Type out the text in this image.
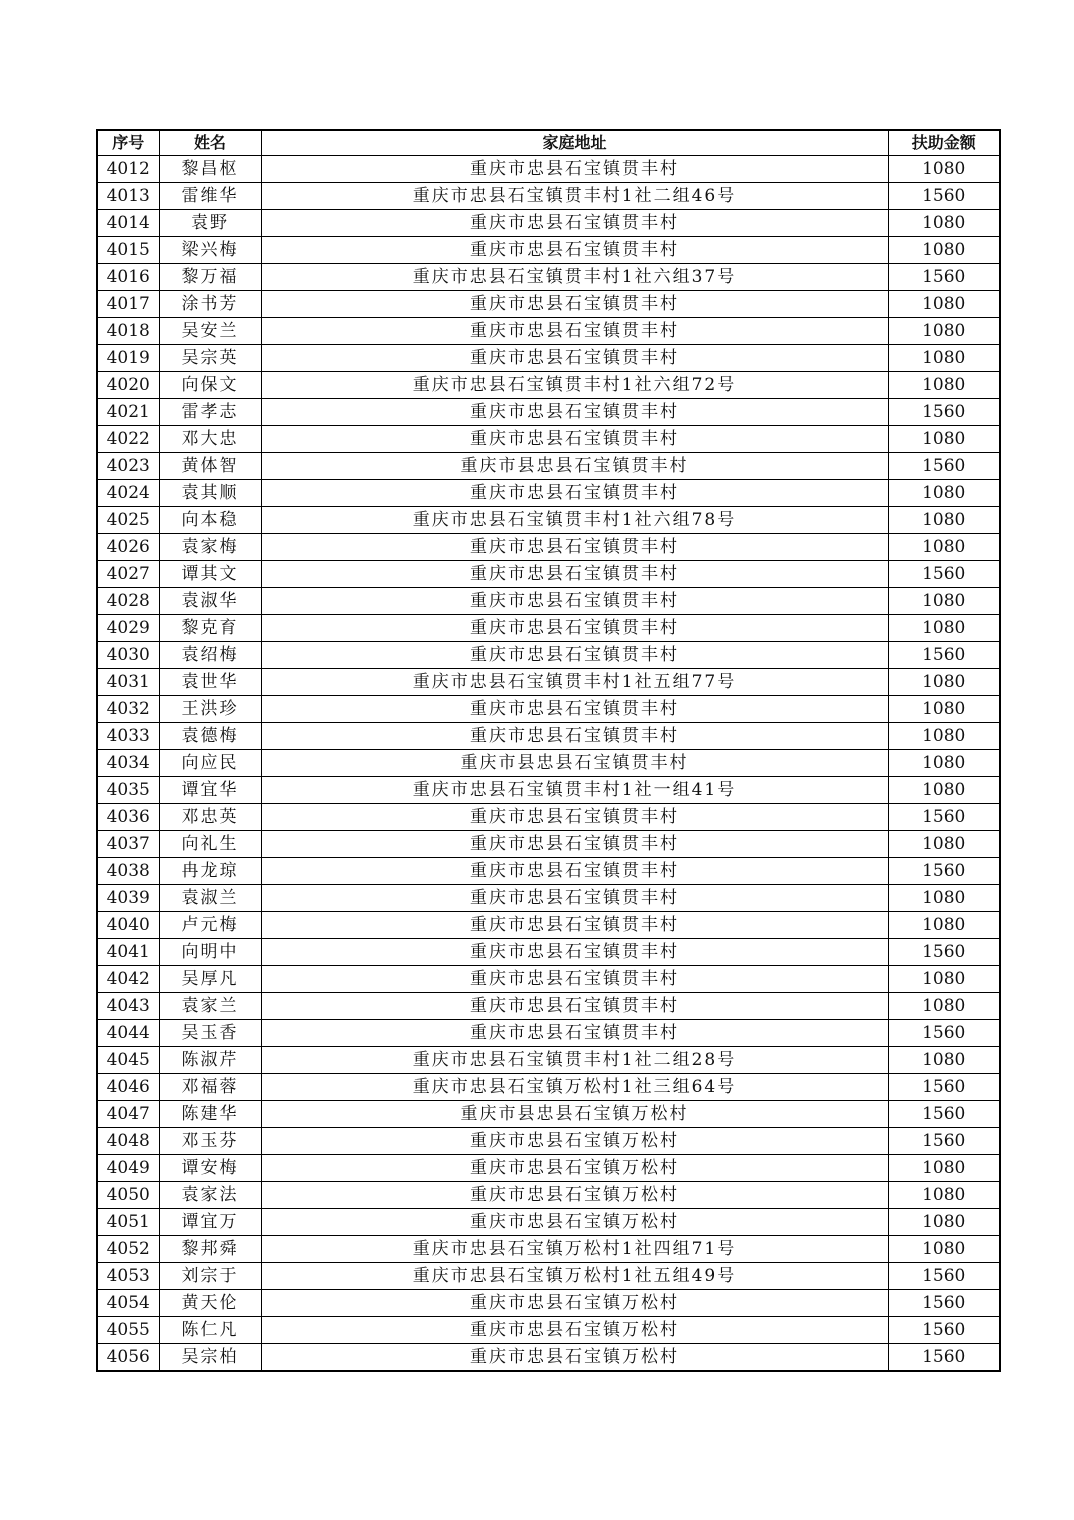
序号	姓名	家庭地址	扶助金额
4012	黎昌枢	重庆市忠县石宝镇贯丰村	1080
4013	雷维华	重庆市忠县石宝镇贯丰村1社二组46号	1560
4014	袁野	重庆市忠县石宝镇贯丰村	1080
4015	梁兴梅	重庆市忠县石宝镇贯丰村	1080
4016	黎万福	重庆市忠县石宝镇贯丰村1社六组37号	1560
4017	涂书芳	重庆市忠县石宝镇贯丰村	1080
4018	吴安兰	重庆市忠县石宝镇贯丰村	1080
4019	吴宗英	重庆市忠县石宝镇贯丰村	1080
4020	向保文	重庆市忠县石宝镇贯丰村1社六组72号	1080
4021	雷孝志	重庆市忠县石宝镇贯丰村	1560
4022	邓大忠	重庆市忠县石宝镇贯丰村	1080
4023	黄体智	重庆市县忠县石宝镇贯丰村	1560
4024	袁其顺	重庆市忠县石宝镇贯丰村	1080
4025	向本稳	重庆市忠县石宝镇贯丰村1社六组78号	1080
4026	袁家梅	重庆市忠县石宝镇贯丰村	1080
4027	谭其文	重庆市忠县石宝镇贯丰村	1560
4028	袁淑华	重庆市忠县石宝镇贯丰村	1080
4029	黎克育	重庆市忠县石宝镇贯丰村	1080
4030	袁绍梅	重庆市忠县石宝镇贯丰村	1560
4031	袁世华	重庆市忠县石宝镇贯丰村1社五组77号	1080
4032	王洪珍	重庆市忠县石宝镇贯丰村	1080
4033	袁德梅	重庆市忠县石宝镇贯丰村	1080
4034	向应民	重庆市县忠县石宝镇贯丰村	1080
4035	谭宜华	重庆市忠县石宝镇贯丰村1社一组41号	1080
4036	邓忠英	重庆市忠县石宝镇贯丰村	1560
4037	向礼生	重庆市忠县石宝镇贯丰村	1080
4038	冉龙琼	重庆市忠县石宝镇贯丰村	1560
4039	袁淑兰	重庆市忠县石宝镇贯丰村	1080
4040	卢元梅	重庆市忠县石宝镇贯丰村	1080
4041	向明中	重庆市忠县石宝镇贯丰村	1560
4042	吴厚凡	重庆市忠县石宝镇贯丰村	1080
4043	袁家兰	重庆市忠县石宝镇贯丰村	1080
4044	吴玉香	重庆市忠县石宝镇贯丰村	1560
4045	陈淑芹	重庆市忠县石宝镇贯丰村1社二组28号	1080
4046	邓福蓉	重庆市忠县石宝镇万松村1社三组64号	1560
4047	陈建华	重庆市县忠县石宝镇万松村	1560
4048	邓玉芬	重庆市忠县石宝镇万松村	1560
4049	谭安梅	重庆市忠县石宝镇万松村	1080
4050	袁家法	重庆市忠县石宝镇万松村	1080
4051	谭宜万	重庆市忠县石宝镇万松村	1080
4052	黎邦舜	重庆市忠县石宝镇万松村1社四组71号	1080
4053	刘宗于	重庆市忠县石宝镇万松村1社五组49号	1560
4054	黄天伦	重庆市忠县石宝镇万松村	1560
4055	陈仁凡	重庆市忠县石宝镇万松村	1560
4056	吴宗柏	重庆市忠县石宝镇万松村	1560
